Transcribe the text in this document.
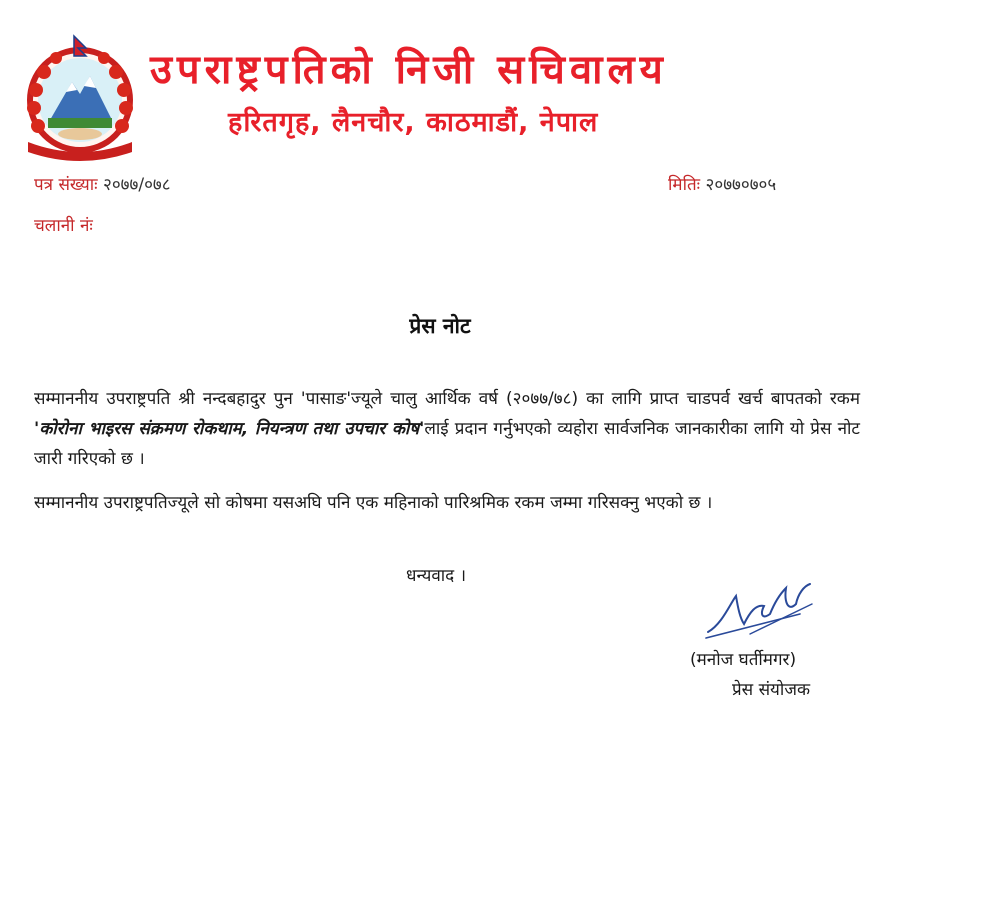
उपराष्ट्रपतिको निजी सचिवालय
हरितगृह, लैनचौर, काठमाडौं, नेपाल
पत्र संख्याः २०७७/०७८	मितिः २०७७०७०५
चलानी नंः
प्रेस नोट

सम्माननीय उपराष्ट्रपति श्री नन्दबहादुर पुन 'पासाङ'ज्यूले चालु आर्थिक वर्ष (२०७७/७८) का लागि प्राप्त चाडपर्व खर्च बापतको रकम 'कोरोना भाइरस संक्रमण रोकथाम, नियन्त्रण तथा उपचार कोष'लाई प्रदान गर्नुभएको व्यहोरा सार्वजनिक जानकारीका लागि यो प्रेस नोट जारी गरिएको छ ।

सम्माननीय उपराष्ट्रपतिज्यूले सो कोषमा यसअघि पनि एक महिनाको पारिश्रमिक रकम जम्मा गरिसक्नु भएको छ ।

धन्यवाद ।
(मनोज घर्तीमगर)
प्रेस संयोजक
